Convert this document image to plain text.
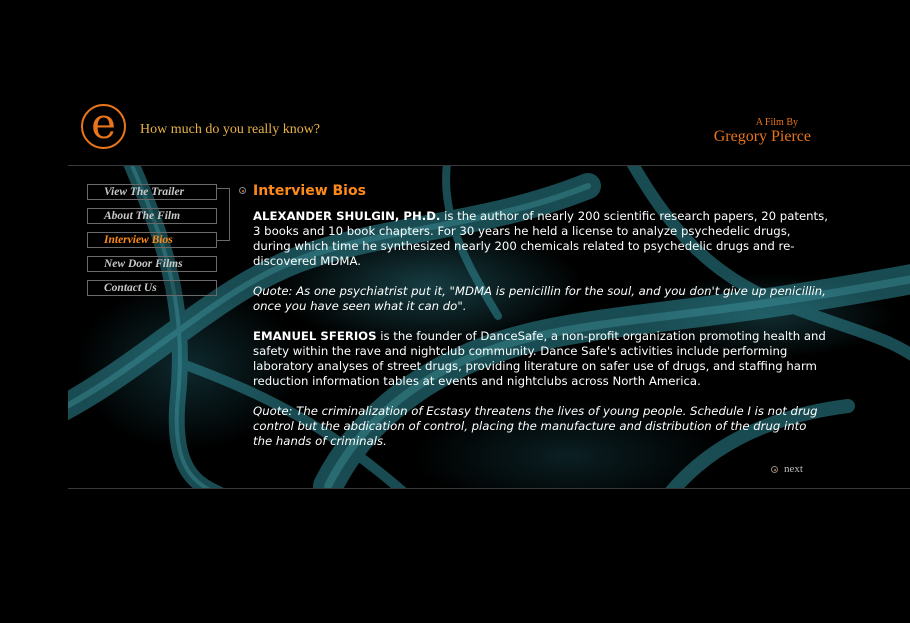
e How much do you really know?	A Film By
Gregory Pierce
View The Trailer
About The Film
Interview Bios
New Door Films
Contact Us
Interview Bios

ALEXANDER SHULGIN, PH.D. is the author of nearly 200 scientific research papers, 20 patents, 3 books and 10 book chapters. For 30 years he held a license to analyze psychedelic drugs, during which time he synthesized nearly 200 chemicals related to psychedelic drugs and re-discovered MDMA.

Quote: As one psychiatrist put it, "MDMA is penicillin for the soul, and you don't give up penicillin, once you have seen what it can do".

EMANUEL SFERIOS is the founder of DanceSafe, a non-profit organization promoting health and safety within the rave and nightclub community. Dance Safe's activities include performing laboratory analyses of street drugs, providing literature on safer use of drugs, and staffing harm reduction information tables at events and nightclubs across North America.

Quote: The criminalization of Ecstasy threatens the lives of young people. Schedule I is not drug control but the abdication of control, placing the manufacture and distribution of the drug into the hands of criminals.

next
